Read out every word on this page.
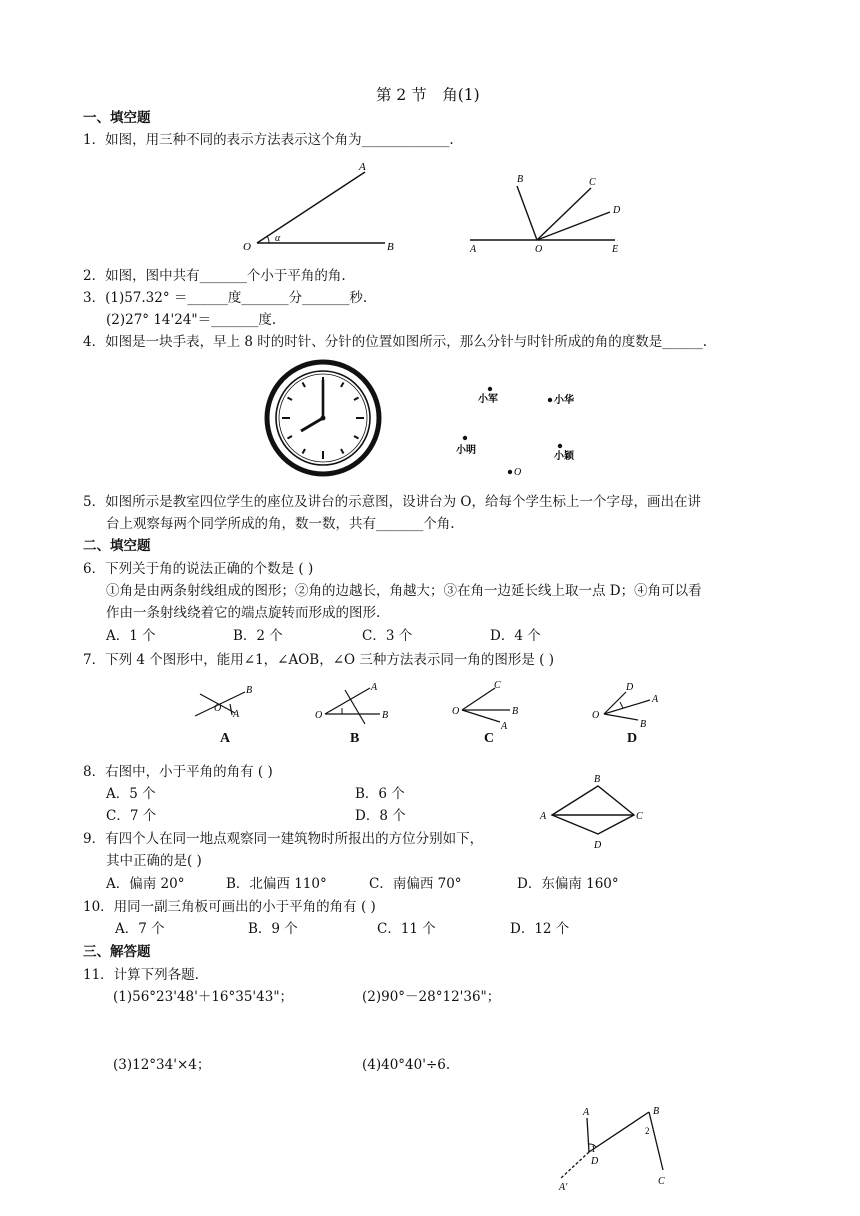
第 2 节　角(1)
一、填空题
1．如图，用三种不同的表示方法表示这个角为_____________.
A
O
α
B
B	C
D
A	O	E
2．如图，图中共有_______个小于平角的角.
3．(1)57.32° ＝______度_______分_______秒.
(2)27° 14'24"＝_______度.
4．如图是一块手表，早上 8 时的时针、分针的位置如图所示，那么分针与时针所成的角的度数是______.
小军	小华
小明
小颖
O
5．如图所示是教室四位学生的座位及讲台的示意图，设讲台为 O，给每个学生标上一个字母，画出在讲
台上观察每两个同学所成的角，数一数，共有_______个角.
二、填空题
6．下列关于角的说法正确的个数是 ( )
①角是由两条射线组成的图形；②角的边越长，角越大；③在角一边延长线上取一点 D；④角可以看
作由一条射线绕着它的端点旋转而形成的图形.
A．1 个	B．2 个	C．3 个	D．4 个
7．下列 4 个图形中，能用∠1，∠AOB，∠O 三种方法表示同一角的图形是 ( )
B
O
A
A
A
O	B
B
C
O	B
A
C
D
A
O
B
D
8．右图中，小于平角的角有 ( )
A．5 个	B．6 个
C．7 个	D．8 个
B
A	C
D
9．有四个人在同一地点观察同一建筑物时所报出的方位分别如下，
其中正确的是( )
A．偏南 20°	B．北偏西 110°	C．南偏西 70°	D．东偏南 160°
10．用同一副三角板可画出的小于平角的角有 ( )
A．7 个	B．9 个	C．11 个	D．12 个
三、解答题
11．计算下列各题.
(1)56°23'48'＋16°35'43"；	(2)90°－28°12'36"；
(3)12°34'×4；	(4)40°40'÷6.
A	B
1
2
D
C
A'
